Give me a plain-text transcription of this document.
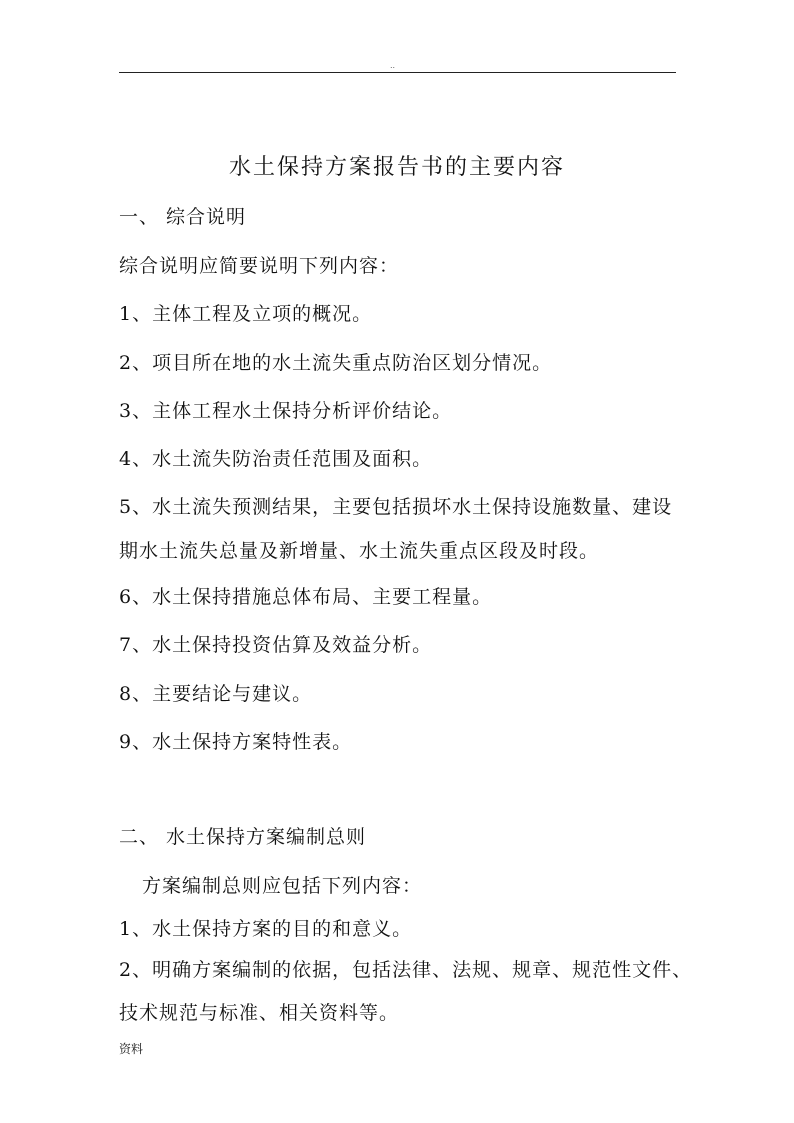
..
水土保持方案报告书的主要内容
一、 综合说明
综合说明应简要说明下列内容：
1、主体工程及立项的概况。
2、项目所在地的水土流失重点防治区划分情况。
3、主体工程水土保持分析评价结论。
4、水土流失防治责任范围及面积。
5、水土流失预测结果，主要包括损坏水土保持设施数量、建设
期水土流失总量及新增量、水土流失重点区段及时段。
6、水土保持措施总体布局、主要工程量。
7、水土保持投资估算及效益分析。
8、主要结论与建议。
9、水土保持方案特性表。
二、 水土保持方案编制总则
方案编制总则应包括下列内容：
1、水土保持方案的目的和意义。
2、明确方案编制的依据，包括法律、法规、规章、规范性文件、
技术规范与标准、相关资料等。
资料
